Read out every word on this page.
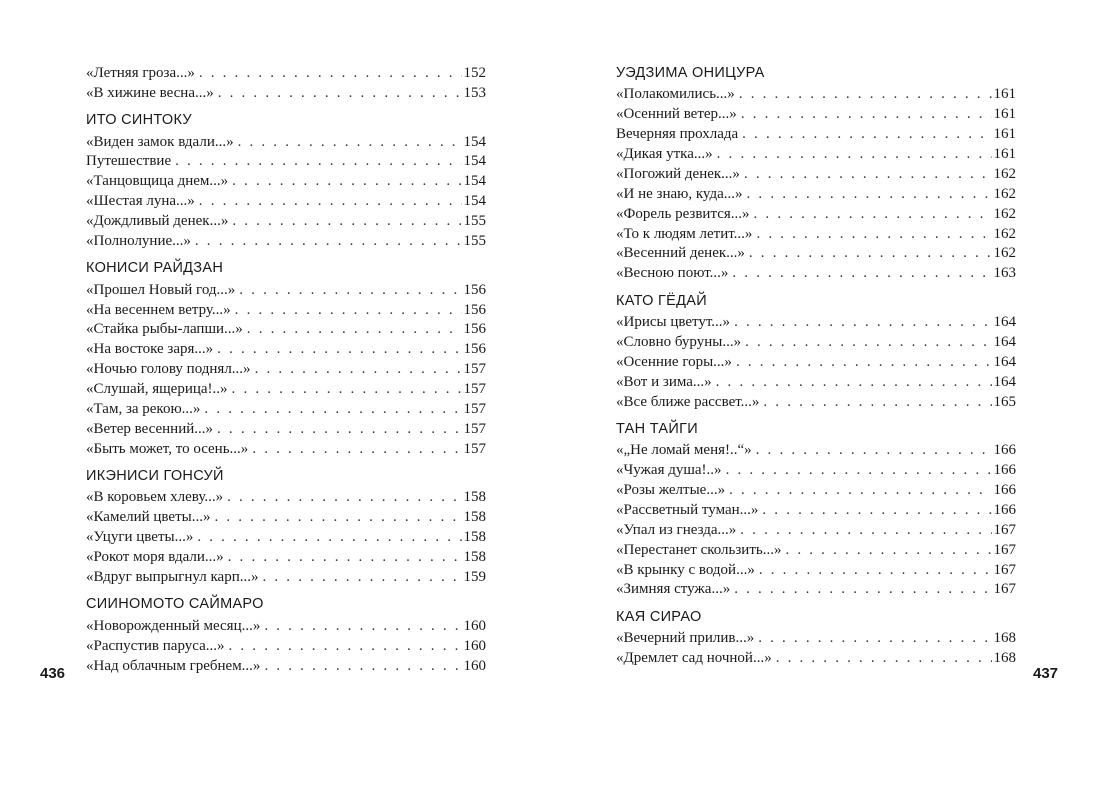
«Летняя гроза...» . . .	152
«В хижине весна...» . . .	153
ИТО СИНТОКУ
«Виден замок вдали...» . . .	154
Путешествие . . .	154
«Танцовщица днем...» . . .	154
«Шестая луна...» . . .	154
«Дождливый денек...» . . .	155
«Полнолуние...» . . .	155
КОНИСИ РАЙДЗАН
«Прошел Новый год...» . . .	156
«На весеннем ветру...» . . .	156
«Стайка рыбы-лапши...» . . .	156
«На востоке заря...» . . .	156
«Ночью голову поднял...» . . .	157
«Слушай, ящерица!..» . . .	157
«Там, за рекою...» . . .	157
«Ветер весенний...» . . .	157
«Быть может, то осень...» . . .	157
ИКЭНИСИ ГОНСУЙ
«В коровьем хлеву...» . . .	158
«Камелий цветы...» . . .	158
«Уцуги цветы...» . . .	158
«Рокот моря вдали...» . . .	158
«Вдруг выпрыгнул карп...» . . .	159
СИИНОМОТО САЙМАРО
«Новорожденный месяц...» . . .	160
«Распустив паруса...» . . .	160
«Над облачным гребнем...» . . .	160
УЭДЗИМА ОНИЦУРА
«Полакомились...» . . .	161
«Осенний ветер...» . . .	161
Вечерняя прохлада . . .	161
«Дикая утка...» . . .	161
«Погожий денек...» . . .	162
«И не знаю, куда...» . . .	162
«Форель резвится...» . . .	162
«То к людям летит...» . . .	162
«Весенний денек...» . . .	162
«Весною поют...» . . .	163
КАТО ГЁДАЙ
«Ирисы цветут...» . . .	164
«Словно буруны...» . . .	164
«Осенние горы...» . . .	164
«Вот и зима...» . . .	164
«Все ближе рассвет...» . . .	165
ТАН ТАЙГИ
«„Не ломай меня!..“» . . .	166
«Чужая душа!..» . . .	166
«Розы желтые...» . . .	166
«Рассветный туман...» . . .	166
«Упал из гнезда...» . . .	167
«Перестанет скользить...» . . .	167
«В крынку с водой...» . . .	167
«Зимняя стужа...» . . .	167
КАЯ СИРАО
«Вечерний прилив...» . . .	168
«Дремлет сад ночной...» . . .	168
436	437
